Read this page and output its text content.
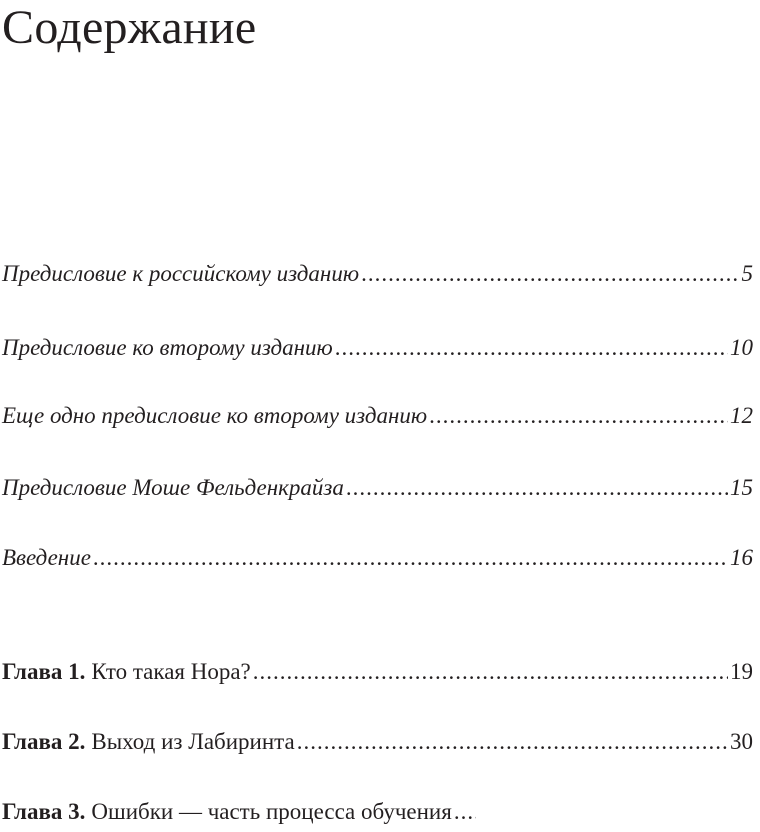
Содержание
Предисловие к российскому изданию .....	5
Предисловие ко второму изданию .....	10
Еще одно предисловие ко второму изданию .....	12
Предисловие Моше Фельденкрайза .....	15
Введение .....	16
Глава 1. Кто такая Нора? .....	19
Глава 2. Выход из Лабиринта .....	30
Глава 3. Ошибки — часть процесса обучения
.....
